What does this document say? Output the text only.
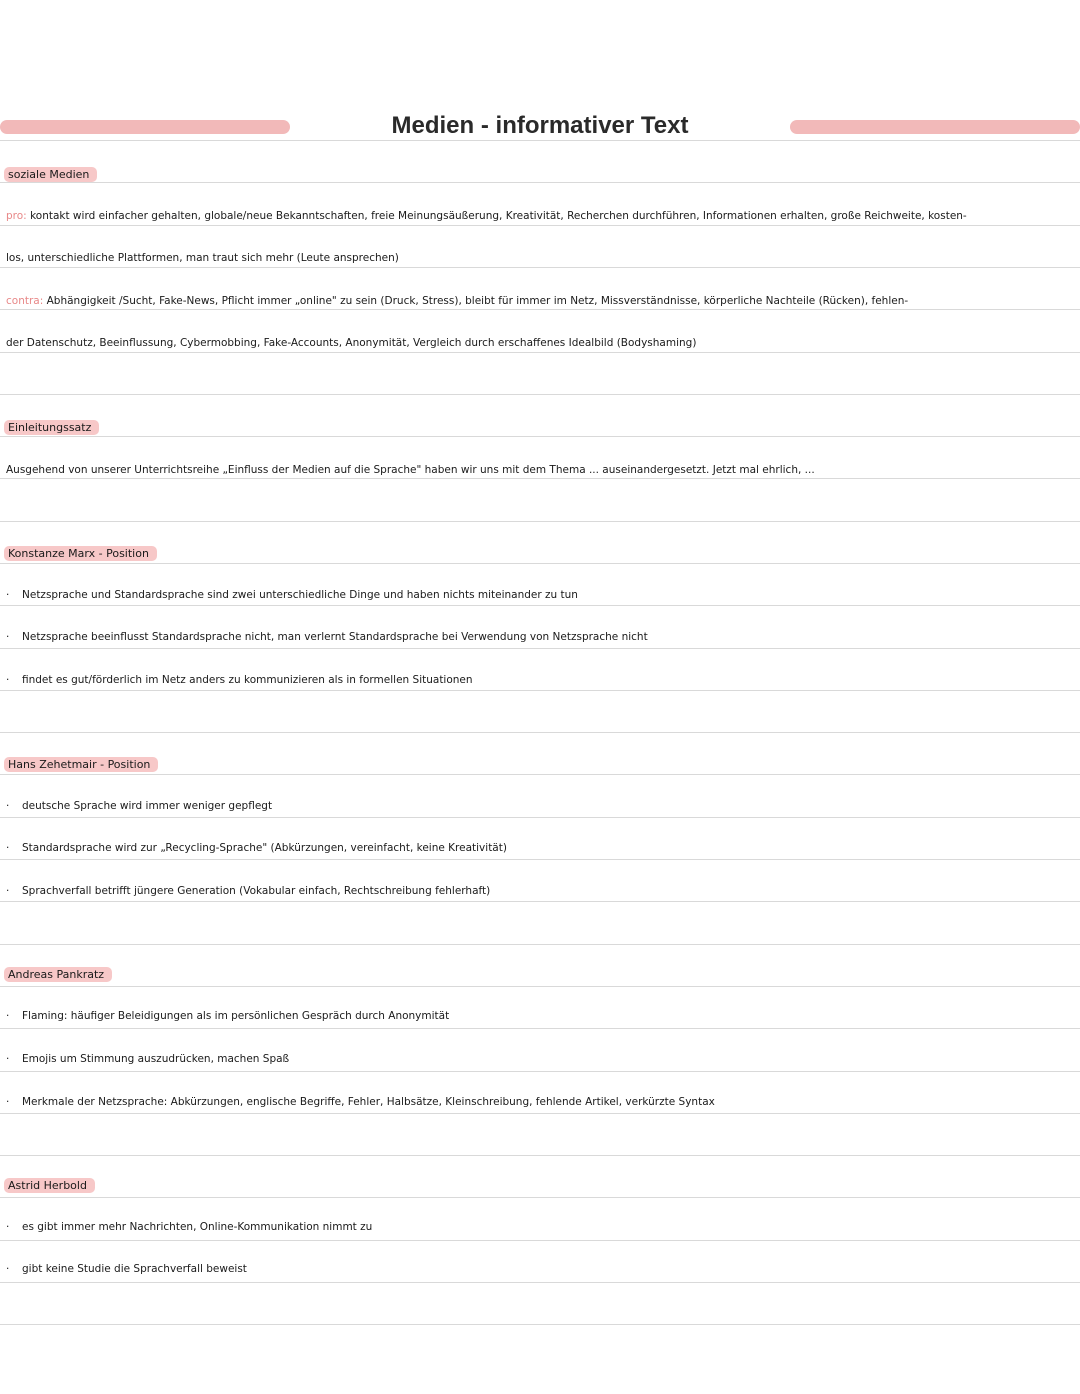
Medien - informativer Text
soziale Medien
pro: kontakt wird einfacher gehalten, globale/neue Bekanntschaften, freie Meinungsäußerung, Kreativität, Recherchen durchführen, Informationen erhalten, große Reichweite, kosten-
los, unterschiedliche Plattformen, man traut sich mehr (Leute ansprechen)
contra: Abhängigkeit /Sucht, Fake-News, Pflicht immer „online" zu sein (Druck, Stress), bleibt für immer im Netz, Missverständnisse, körperliche Nachteile (Rücken), fehlen-
der Datenschutz, Beeinflussung, Cybermobbing, Fake-Accounts, Anonymität, Vergleich durch erschaffenes Idealbild (Bodyshaming)
Einleitungssatz
Ausgehend von unserer Unterrichtsreihe „Einfluss der Medien auf die Sprache" haben wir uns mit dem Thema ... auseinandergesetzt. Jetzt mal ehrlich, ...
Konstanze Marx - Position
· Netzsprache und Standardsprache sind zwei unterschiedliche Dinge und haben nichts miteinander zu tun
· Netzsprache beeinflusst Standardsprache nicht, man verlernt Standardsprache bei Verwendung von Netzsprache nicht
· findet es gut/förderlich im Netz anders zu kommunizieren als in formellen Situationen
Hans Zehetmair - Position
· deutsche Sprache wird immer weniger gepflegt
· Standardsprache wird zur „Recycling-Sprache" (Abkürzungen, vereinfacht, keine Kreativität)
· Sprachverfall betrifft jüngere Generation (Vokabular einfach, Rechtschreibung fehlerhaft)
Andreas Pankratz
· Flaming: häufiger Beleidigungen als im persönlichen Gespräch durch Anonymität
· Emojis um Stimmung auszudrücken, machen Spaß
· Merkmale der Netzsprache: Abkürzungen, englische Begriffe, Fehler, Halbsätze, Kleinschreibung, fehlende Artikel, verkürzte Syntax
Astrid Herbold
· es gibt immer mehr Nachrichten, Online-Kommunikation nimmt zu
· gibt keine Studie die Sprachverfall beweist
